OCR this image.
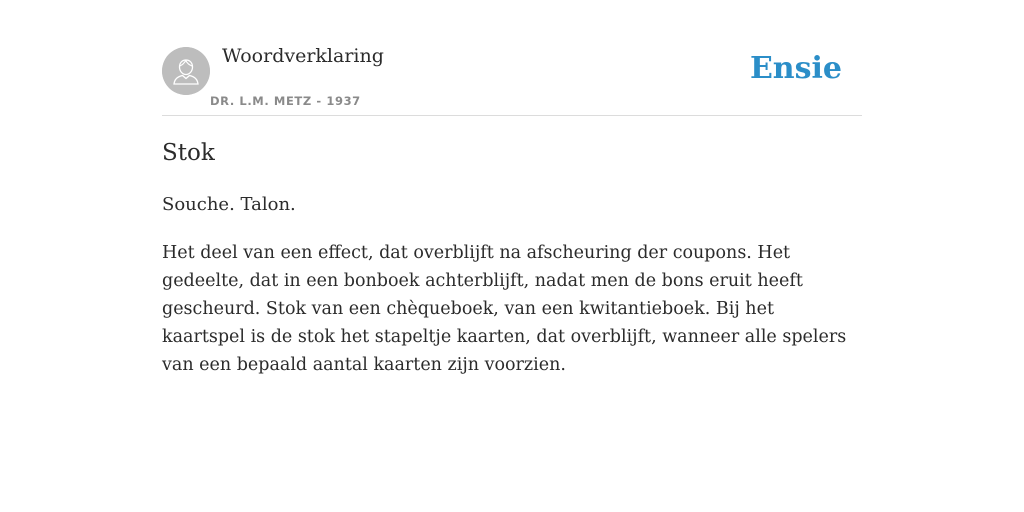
Woordverklaring
DR. L.M. METZ - 1937
Ensie
Stok

Souche. Talon.

Het deel van een effect, dat overblijft na afscheuring der coupons. Het gedeelte, dat in een bonboek achterblijft, nadat men de bons eruit heeft gescheurd. Stok van een chèqueboek, van een kwitantieboek. Bij het kaartspel is de stok het stapeltje kaarten, dat overblijft, wanneer alle spelers van een bepaald aantal kaarten zijn voorzien.
